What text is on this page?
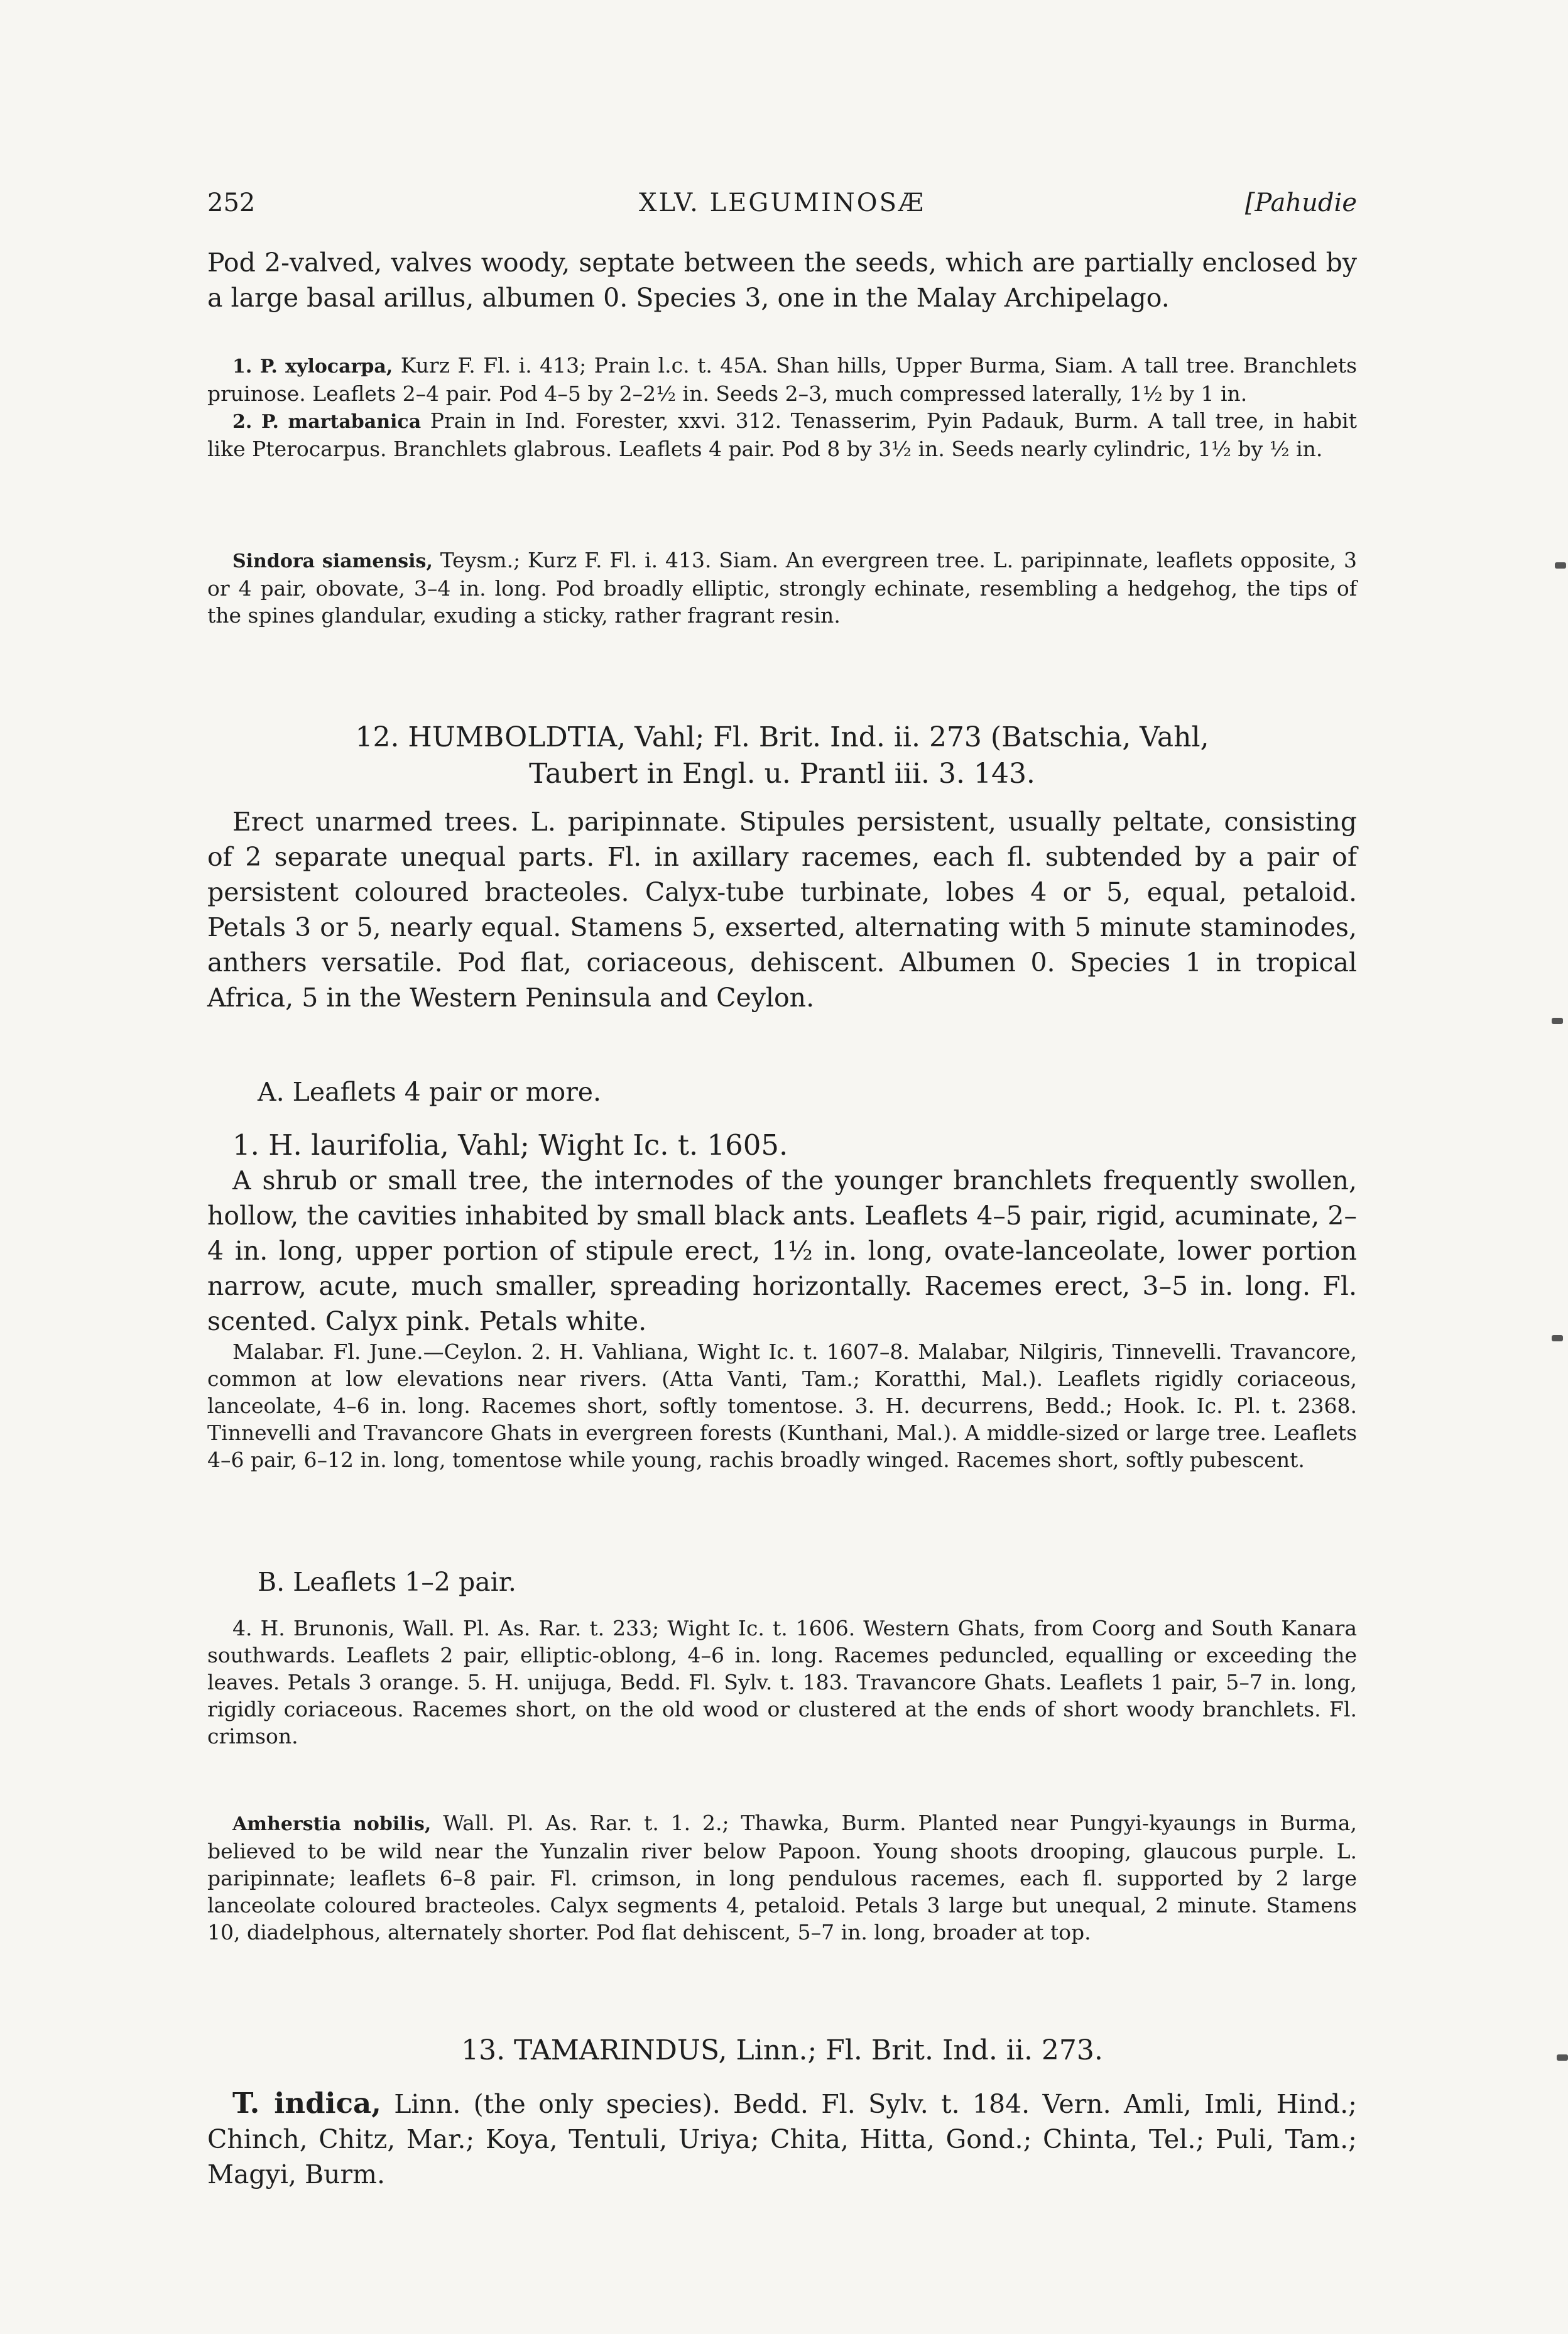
252	XLV. LEGUMINOSÆ	[Pahudie

Pod 2-valved, valves woody, septate between the seeds, which are partially enclosed by a large basal arillus, albumen 0. Species 3, one in the Malay Archipelago.

1. P. xylocarpa, Kurz F. Fl. i. 413; Prain l.c. t. 45A. Shan hills, Upper Burma, Siam. A tall tree. Branchlets pruinose. Leaflets 2–4 pair. Pod 4–5 by 2–2½ in. Seeds 2–3, much compressed laterally, 1½ by 1 in.

2. P. martabanica Prain in Ind. Forester, xxvi. 312. Tenasserim, Pyin Padauk, Burm. A tall tree, in habit like Pterocarpus. Branchlets glabrous. Leaflets 4 pair. Pod 8 by 3½ in. Seeds nearly cylindric, 1½ by ½ in.

Sindora siamensis, Teysm.; Kurz F. Fl. i. 413. Siam. An evergreen tree. L. paripinnate, leaflets opposite, 3 or 4 pair, obovate, 3–4 in. long. Pod broadly elliptic, strongly echinate, resembling a hedgehog, the tips of the spines glandular, exuding a sticky, rather fragrant resin.

12. HUMBOLDTIA, Vahl; Fl. Brit. Ind. ii. 273 (Batschia, Vahl,

Taubert in Engl. u. Prantl iii. 3. 143.

Erect unarmed trees. L. paripinnate. Stipules persistent, usually peltate, consisting of 2 separate unequal parts. Fl. in axillary racemes, each fl. subtended by a pair of persistent coloured bracteoles. Calyx-tube turbinate, lobes 4 or 5, equal, petaloid. Petals 3 or 5, nearly equal. Stamens 5, exserted, alternating with 5 minute staminodes, anthers versatile. Pod flat, coriaceous, dehiscent. Albumen 0. Species 1 in tropical Africa, 5 in the Western Peninsula and Ceylon.

A. Leaflets 4 pair or more.

1. H. laurifolia, Vahl; Wight Ic. t. 1605.

A shrub or small tree, the internodes of the younger branchlets frequently swollen, hollow, the cavities inhabited by small black ants. Leaflets 4–5 pair, rigid, acuminate, 2–4 in. long, upper portion of stipule erect, 1½ in. long, ovate-lanceolate, lower portion narrow, acute, much smaller, spreading horizontally. Racemes erect, 3–5 in. long. Fl. scented. Calyx pink. Petals white.

Malabar. Fl. June.—Ceylon. 2. H. Vahliana, Wight Ic. t. 1607–8. Malabar, Nilgiris, Tinnevelli. Travancore, common at low elevations near rivers. (Atta Vanti, Tam.; Koratthi, Mal.). Leaflets rigidly coriaceous, lanceolate, 4–6 in. long. Racemes short, softly tomentose. 3. H. decurrens, Bedd.; Hook. Ic. Pl. t. 2368. Tinnevelli and Travancore Ghats in evergreen forests (Kunthani, Mal.). A middle-sized or large tree. Leaflets 4–6 pair, 6–12 in. long, tomentose while young, rachis broadly winged. Racemes short, softly pubescent.

B. Leaflets 1–2 pair.

4. H. Brunonis, Wall. Pl. As. Rar. t. 233; Wight Ic. t. 1606. Western Ghats, from Coorg and South Kanara southwards. Leaflets 2 pair, elliptic-oblong, 4–6 in. long. Racemes peduncled, equalling or exceeding the leaves. Petals 3 orange. 5. H. unijuga, Bedd. Fl. Sylv. t. 183. Travancore Ghats. Leaflets 1 pair, 5–7 in. long, rigidly coriaceous. Racemes short, on the old wood or clustered at the ends of short woody branchlets. Fl. crimson.

Amherstia nobilis, Wall. Pl. As. Rar. t. 1. 2.; Thawka, Burm. Planted near Pungyi-kyaungs in Burma, believed to be wild near the Yunzalin river below Papoon. Young shoots drooping, glaucous purple. L. paripinnate; leaflets 6–8 pair. Fl. crimson, in long pendulous racemes, each fl. supported by 2 large lanceolate coloured bracteoles. Calyx segments 4, petaloid. Petals 3 large but unequal, 2 minute. Stamens 10, diadelphous, alternately shorter. Pod flat dehiscent, 5–7 in. long, broader at top.

13. TAMARINDUS, Linn.; Fl. Brit. Ind. ii. 273.

T. indica, Linn. (the only species). Bedd. Fl. Sylv. t. 184. Vern. Amli, Imli, Hind.; Chinch, Chitz, Mar.; Koya, Tentuli, Uriya; Chita, Hitta, Gond.; Chinta, Tel.; Puli, Tam.; Magyi, Burm.
